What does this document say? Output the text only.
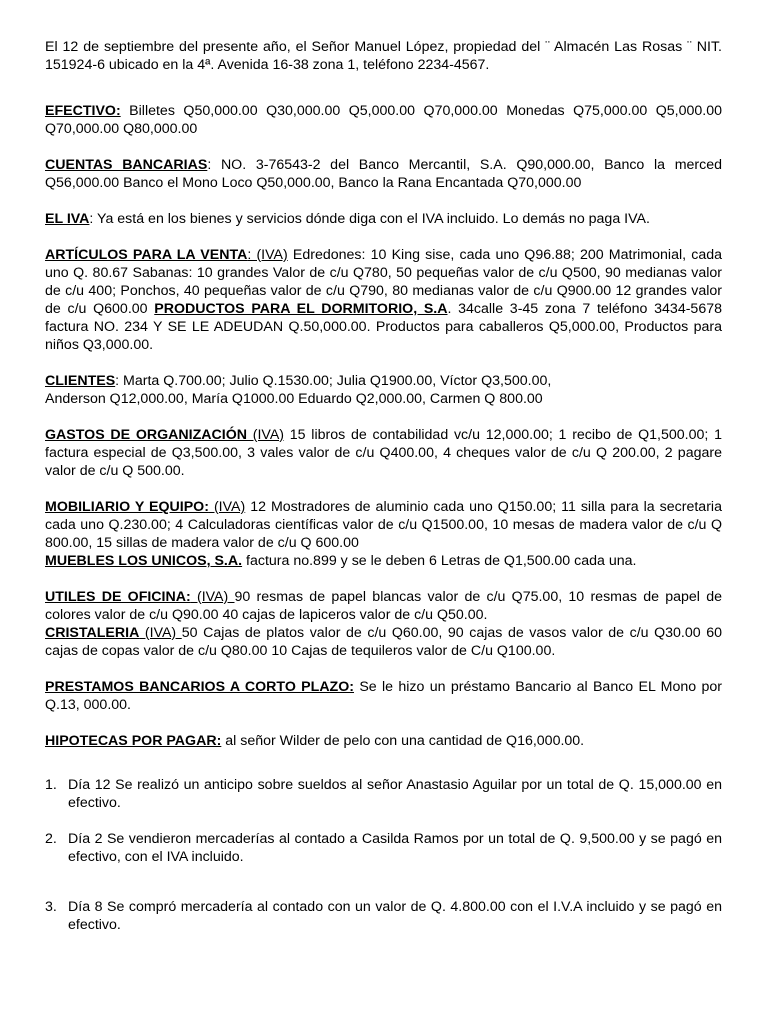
El 12 de septiembre del presente año, el Señor Manuel López, propiedad del ¨ Almacén Las Rosas ¨ NIT. 151924-6 ubicado en la 4ª. Avenida 16-38 zona 1, teléfono 2234-4567.

EFECTIVO: Billetes Q50,000.00 Q30,000.00 Q5,000.00 Q70,000.00 Monedas Q75,000.00 Q5,000.00 Q70,000.00 Q80,000.00

CUENTAS BANCARIAS: NO. 3-76543-2 del Banco Mercantil, S.A. Q90,000.00, Banco la merced Q56,000.00 Banco el Mono Loco Q50,000.00, Banco la Rana Encantada Q70,000.00

EL IVA: Ya está en los bienes y servicios dónde diga con el IVA incluido. Lo demás no paga IVA.

ARTÍCULOS PARA LA VENTA: (IVA) Edredones: 10 King sise, cada uno Q96.88; 200 Matrimonial, cada uno Q. 80.67 Sabanas: 10 grandes Valor de c/u Q780, 50 pequeñas valor de c/u Q500, 90 medianas valor de c/u 400; Ponchos, 40 pequeñas valor de c/u Q790, 80 medianas valor de c/u Q900.00 12 grandes valor de c/u Q600.00 PRODUCTOS PARA EL DORMITORIO, S.A. 34calle 3-45 zona 7 teléfono 3434-5678 factura NO. 234 Y SE LE ADEUDAN Q.50,000.00. Productos para caballeros Q5,000.00, Productos para niños Q3,000.00.

CLIENTES: Marta Q.700.00; Julio Q.1530.00; Julia Q1900.00, Víctor Q3,500.00,
Anderson Q12,000.00, María Q1000.00 Eduardo Q2,000.00, Carmen Q 800.00

GASTOS DE ORGANIZACIÓN (IVA) 15 libros de contabilidad vc/u 12,000.00; 1 recibo de Q1,500.00; 1 factura especial de Q3,500.00, 3 vales valor de c/u Q400.00, 4 cheques valor de c/u Q 200.00, 2 pagare valor de c/u Q 500.00.

MOBILIARIO Y EQUIPO: (IVA) 12 Mostradores de aluminio cada uno Q150.00; 11 silla para la secretaria cada uno Q.230.00; 4 Calculadoras científicas valor de c/u Q1500.00, 10 mesas de madera valor de c/u Q 800.00, 15 sillas de madera valor de c/u Q 600.00

MUEBLES LOS UNICOS, S.A. factura no.899 y se le deben 6 Letras de Q1,500.00 cada una.

UTILES DE OFICINA: (IVA) 90 resmas de papel blancas valor de c/u Q75.00, 10 resmas de papel de colores valor de c/u Q90.00 40 cajas de lapiceros valor de c/u Q50.00.

CRISTALERIA (IVA) 50 Cajas de platos valor de c/u Q60.00, 90 cajas de vasos valor de c/u Q30.00 60 cajas de copas valor de c/u Q80.00 10 Cajas de tequileros valor de C/u Q100.00.

PRESTAMOS BANCARIOS A CORTO PLAZO: Se le hizo un préstamo Bancario al Banco EL Mono por Q.13, 000.00.

HIPOTECAS POR PAGAR: al señor Wilder de pelo con una cantidad de Q16,000.00.

1. Día 12 Se realizó un anticipo sobre sueldos al señor Anastasio Aguilar por un total de Q. 15,000.00 en efectivo.
2. Día 2 Se vendieron mercaderías al contado a Casilda Ramos por un total de Q. 9,500.00 y se pagó en efectivo, con el IVA incluido.
3. Día 8 Se compró mercadería al contado con un valor de Q. 4.800.00 con el I.V.A incluido y se pagó en efectivo.
